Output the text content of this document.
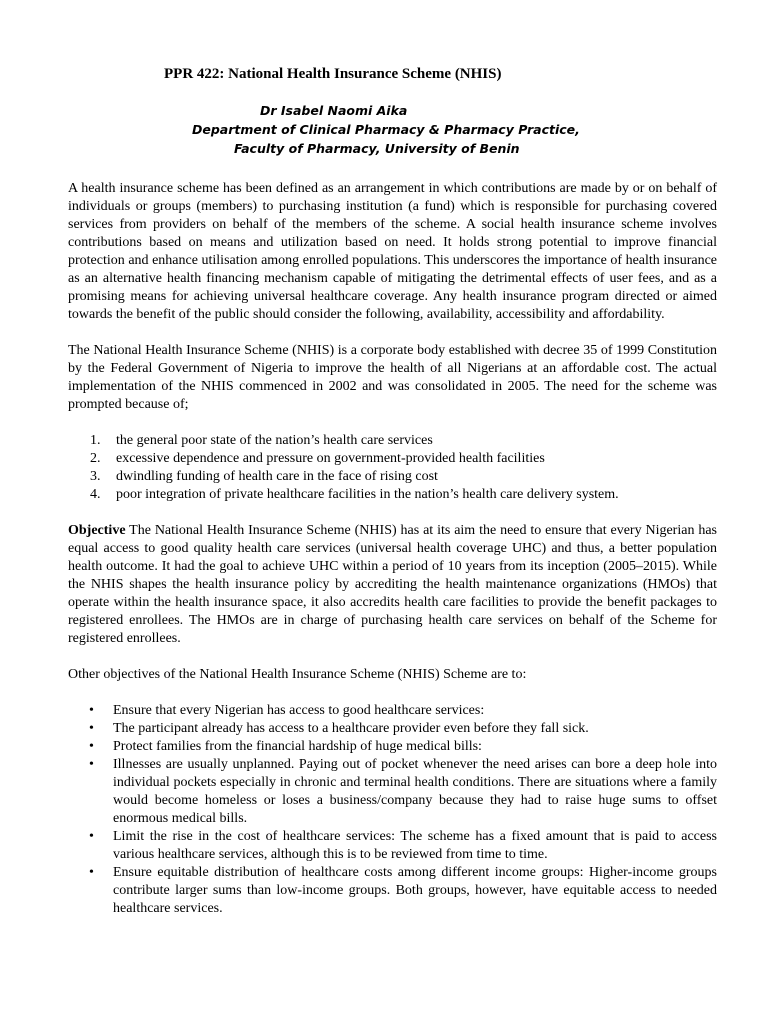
PPR 422: National Health Insurance Scheme (NHIS)
Dr Isabel Naomi Aika
Department of Clinical Pharmacy & Pharmacy Practice,
Faculty of Pharmacy, University of Benin

A health insurance scheme has been defined as an arrangement in which contributions are made by or on behalf of individuals or groups (members) to purchasing institution (a fund) which is responsible for purchasing covered services from providers on behalf of the members of the scheme. A social health insurance scheme involves contributions based on means and utilization based on need. It holds strong potential to improve financial protection and enhance utilisation among enrolled populations. This underscores the importance of health insurance as an alternative health financing mechanism capable of mitigating the detrimental effects of user fees, and as a promising means for achieving universal healthcare coverage. Any health insurance program directed or aimed towards the benefit of the public should consider the following, availability, accessibility and affordability.

The National Health Insurance Scheme (NHIS) is a corporate body established with decree 35 of 1999 Constitution by the Federal Government of Nigeria to improve the health of all Nigerians at an affordable cost. The actual implementation of the NHIS commenced in 2002 and was consolidated in 2005. The need for the scheme was prompted because of;

the general poor state of the nation’s health care services
excessive dependence and pressure on government-provided health facilities
dwindling funding of health care in the face of rising cost
poor integration of private healthcare facilities in the nation’s health care delivery system.

Objective The National Health Insurance Scheme (NHIS) has at its aim the need to ensure that every Nigerian has equal access to good quality health care services (universal health coverage UHC) and thus, a better population health outcome. It had the goal to achieve UHC within a period of 10 years from its inception (2005–2015). While the NHIS shapes the health insurance policy by accrediting the health maintenance organizations (HMOs) that operate within the health insurance space, it also accredits health care facilities to provide the benefit packages to registered enrollees. The HMOs are in charge of purchasing health care services on behalf of the Scheme for registered enrollees.

Other objectives of the National Health Insurance Scheme (NHIS) Scheme are to:

• Ensure that every Nigerian has access to good healthcare services:
• The participant already has access to a healthcare provider even before they fall sick.
• Protect families from the financial hardship of huge medical bills:
• Illnesses are usually unplanned. Paying out of pocket whenever the need arises can bore a deep hole into individual pockets especially in chronic and terminal health conditions. There are situations where a family would become homeless or loses a business/company because they had to raise huge sums to offset enormous medical bills.
• Limit the rise in the cost of healthcare services: The scheme has a fixed amount that is paid to access various healthcare services, although this is to be reviewed from time to time.
• Ensure equitable distribution of healthcare costs among different income groups: Higher-income groups contribute larger sums than low-income groups. Both groups, however, have equitable access to needed healthcare services.
